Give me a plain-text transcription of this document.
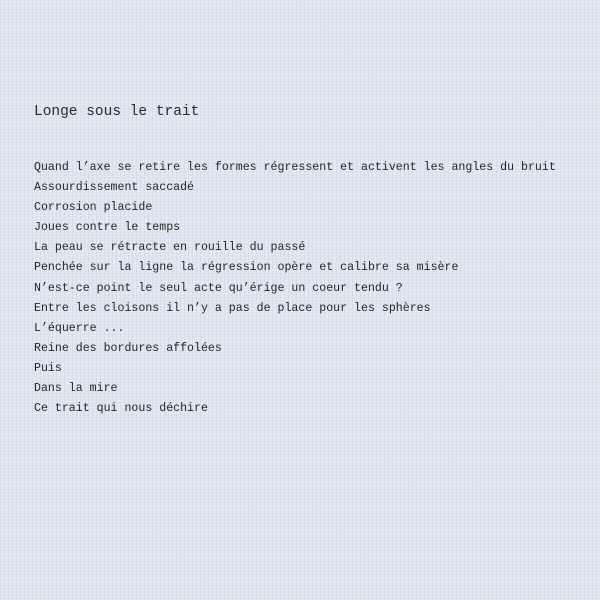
Longe sous le trait
Quand l’axe se retire les formes régressent et activent les angles du bruit
Assourdissement saccadé
Corrosion placide
Joues contre le temps
La peau se rétracte en rouille du passé
Penchée sur la ligne la régression opère et calibre sa misère
N’est-ce point le seul acte qu’érige un coeur tendu ?
Entre les cloisons il n’y a pas de place pour les sphères
L’équerre ...
Reine des bordures affolées
Puis
Dans la mire
Ce trait qui nous déchire
